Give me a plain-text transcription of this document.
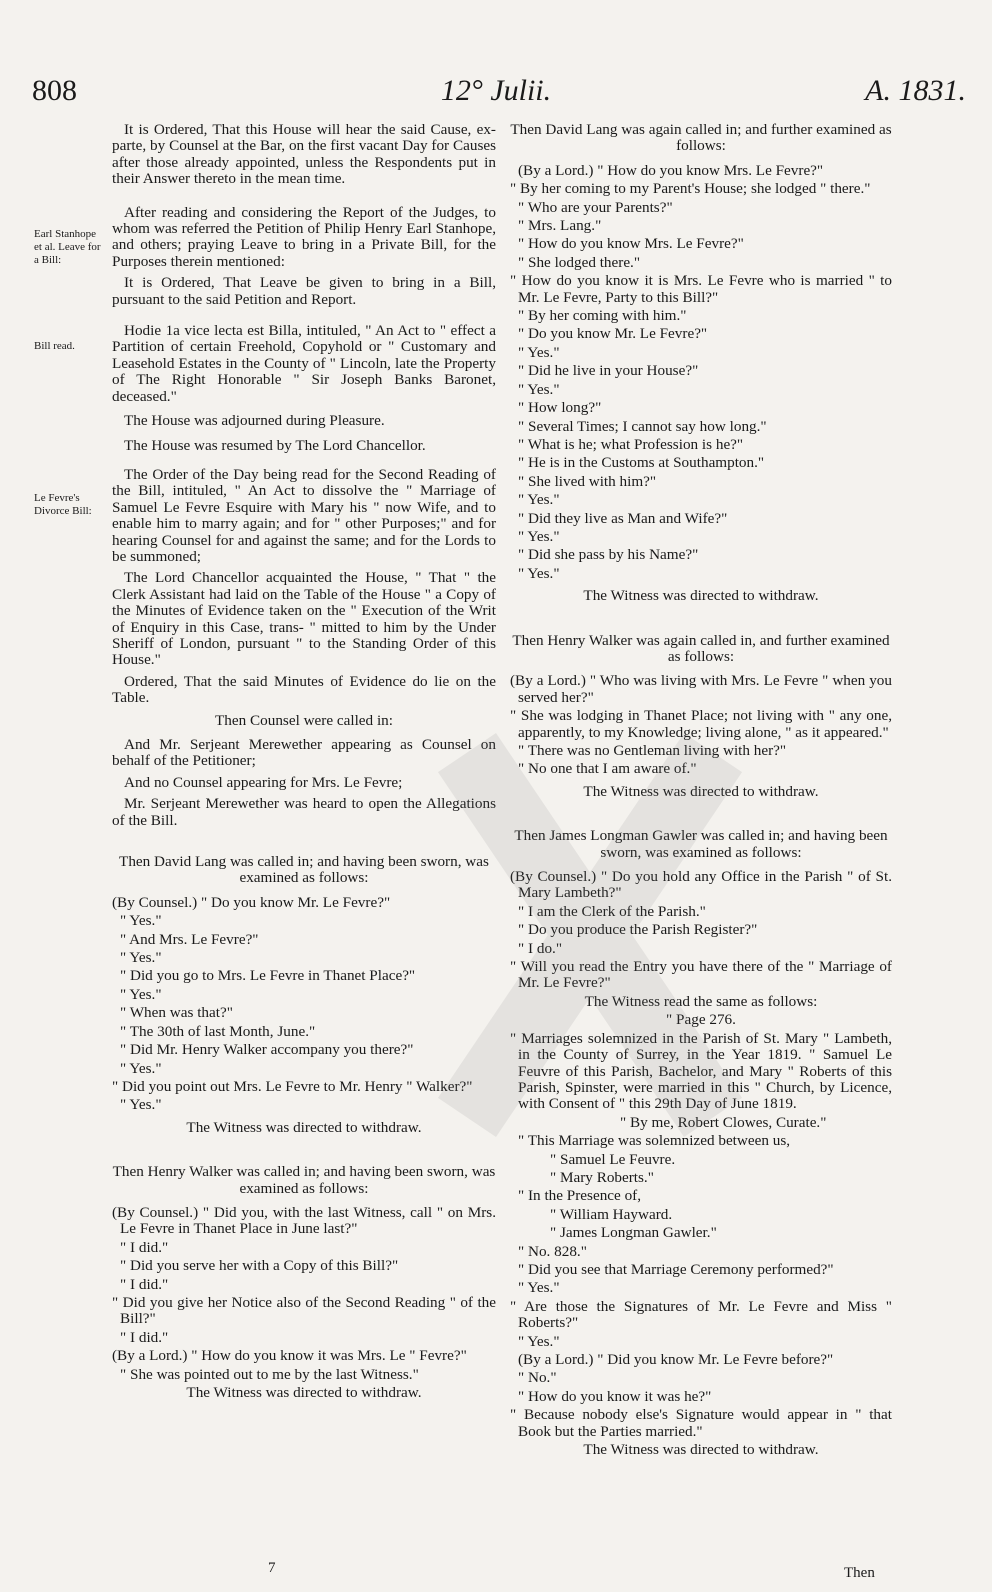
808	12° Julii.	A. 1831.
Earl Stanhope et al. Leave for a Bill:
Bill read.
Le Fevre's Divorce Bill:

It is Ordered, That this House will hear the said Cause, ex-parte, by Counsel at the Bar, on the first vacant Day for Causes after those already appointed, unless the Respondents put in their Answer thereto in the mean time.

After reading and considering the Report of the Judges, to whom was referred the Petition of Philip Henry Earl Stanhope, and others; praying Leave to bring in a Private Bill, for the Purposes therein mentioned:

It is Ordered, That Leave be given to bring in a Bill, pursuant to the said Petition and Report.

Hodie 1a vice lecta est Billa, intituled, " An Act to " effect a Partition of certain Freehold, Copyhold or " Customary and Leasehold Estates in the County of " Lincoln, late the Property of The Right Honorable " Sir Joseph Banks Baronet, deceased."

The House was adjourned during Pleasure.

The House was resumed by The Lord Chancellor.

The Order of the Day being read for the Second Reading of the Bill, intituled, " An Act to dissolve the " Marriage of Samuel Le Fevre Esquire with Mary his " now Wife, and to enable him to marry again; and for " other Purposes;" and for hearing Counsel for and against the same; and for the Lords to be summoned;

The Lord Chancellor acquainted the House, " That " the Clerk Assistant had laid on the Table of the House " a Copy of the Minutes of Evidence taken on the " Execution of the Writ of Enquiry in this Case, trans- " mitted to him by the Under Sheriff of London, pursuant " to the Standing Order of this House."

Ordered, That the said Minutes of Evidence do lie on the Table.

Then Counsel were called in:

And Mr. Serjeant Merewether appearing as Counsel on behalf of the Petitioner;

And no Counsel appearing for Mrs. Le Fevre;

Mr. Serjeant Merewether was heard to open the Allegations of the Bill.

Then David Lang was called in; and having been sworn, was examined as follows:

(By Counsel.) " Do you know Mr. Le Fevre?"

" Yes."

" And Mrs. Le Fevre?"

" Yes."

" Did you go to Mrs. Le Fevre in Thanet Place?"

" Yes."

" When was that?"

" The 30th of last Month, June."

" Did Mr. Henry Walker accompany you there?"

" Yes."

" Did you point out Mrs. Le Fevre to Mr. Henry " Walker?"

" Yes."

The Witness was directed to withdraw.

Then Henry Walker was called in; and having been sworn, was examined as follows:

(By Counsel.) " Did you, with the last Witness, call " on Mrs. Le Fevre in Thanet Place in June last?"

" I did."

" Did you serve her with a Copy of this Bill?"

" I did."

" Did you give her Notice also of the Second Reading " of the Bill?"

" I did."

(By a Lord.) " How do you know it was Mrs. Le " Fevre?"

" She was pointed out to me by the last Witness."

The Witness was directed to withdraw.

Then David Lang was again called in; and further examined as follows:

(By a Lord.) " How do you know Mrs. Le Fevre?"

" By her coming to my Parent's House; she lodged " there."

" Who are your Parents?"

" Mrs. Lang."

" How do you know Mrs. Le Fevre?"

" She lodged there."

" How do you know it is Mrs. Le Fevre who is married " to Mr. Le Fevre, Party to this Bill?"

" By her coming with him."

" Do you know Mr. Le Fevre?"

" Yes."

" Did he live in your House?"

" Yes."

" How long?"

" Several Times; I cannot say how long."

" What is he; what Profession is he?"

" He is in the Customs at Southampton."

" She lived with him?"

" Yes."

" Did they live as Man and Wife?"

" Yes."

" Did she pass by his Name?"

" Yes."

The Witness was directed to withdraw.

Then Henry Walker was again called in, and further examined as follows:

(By a Lord.) " Who was living with Mrs. Le Fevre " when you served her?"

" She was lodging in Thanet Place; not living with " any one, apparently, to my Knowledge; living alone, " as it appeared."

" There was no Gentleman living with her?"

" No one that I am aware of."

The Witness was directed to withdraw.

Then James Longman Gawler was called in; and having been sworn, was examined as follows:

(By Counsel.) " Do you hold any Office in the Parish " of St. Mary Lambeth?"

" I am the Clerk of the Parish."

" Do you produce the Parish Register?"

" I do."

" Will you read the Entry you have there of the " Marriage of Mr. Le Fevre?"

The Witness read the same as follows:

" Page 276.

" Marriages solemnized in the Parish of St. Mary " Lambeth, in the County of Surrey, in the Year 1819. " Samuel Le Feuvre of this Parish, Bachelor, and Mary " Roberts of this Parish, Spinster, were married in this " Church, by Licence, with Consent of " this 29th Day of June 1819.

" By me, Robert Clowes, Curate."

" This Marriage was solemnized between us,

" Samuel Le Feuvre.

" Mary Roberts."

" In the Presence of,

" William Hayward.

" James Longman Gawler."

" No. 828."

" Did you see that Marriage Ceremony performed?"

" Yes."

" Are those the Signatures of Mr. Le Fevre and Miss " Roberts?"

" Yes."

(By a Lord.) " Did you know Mr. Le Fevre before?"

" No."

" How do you know it was he?"

" Because nobody else's Signature would appear in " that Book but the Parties married."

The Witness was directed to withdraw.

7	Then
